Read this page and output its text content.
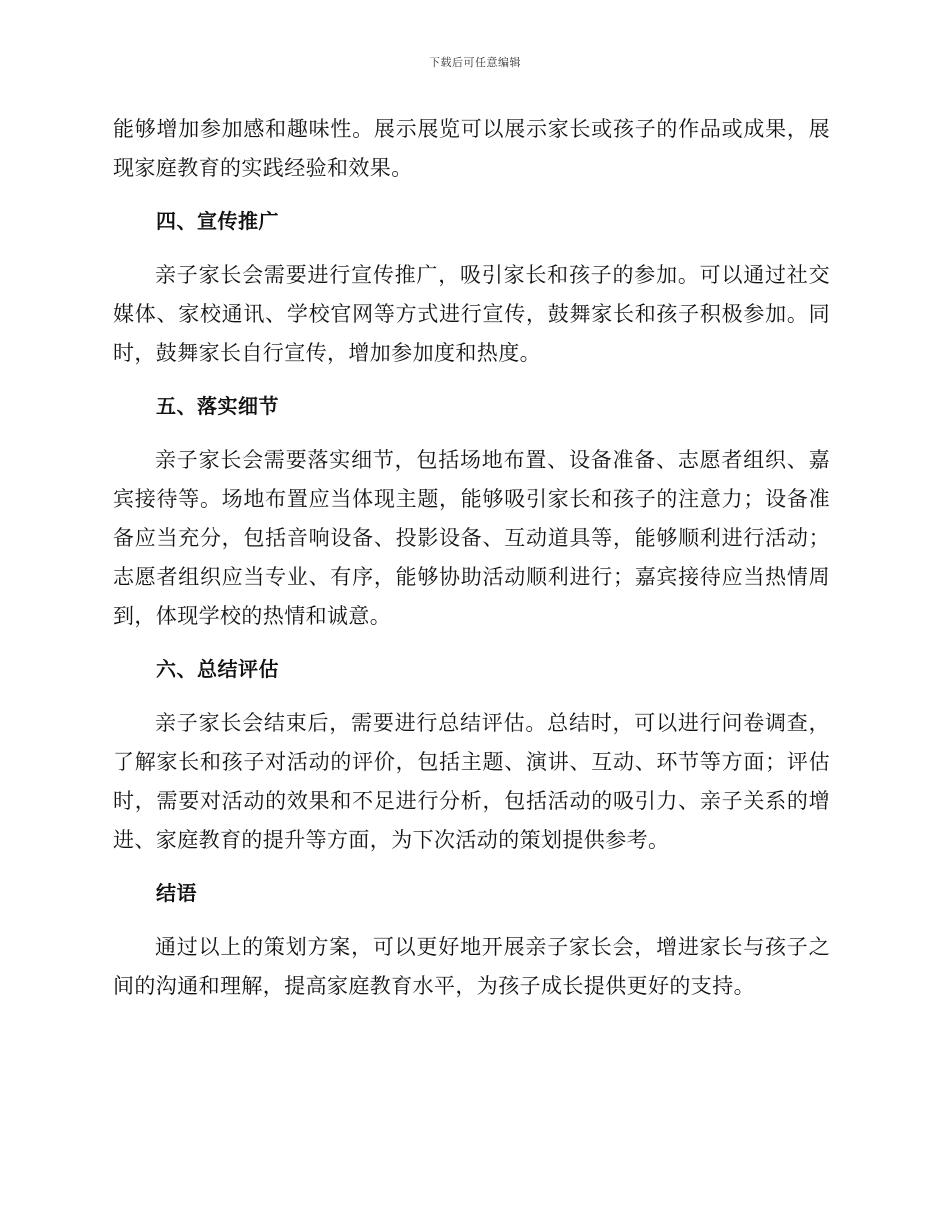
下载后可任意编辑

能够增加参加感和趣味性。展示展览可以展示家长或孩子的作品或成果，展现家庭教育的实践经验和效果。

四、宣传推广

亲子家长会需要进行宣传推广，吸引家长和孩子的参加。可以通过社交媒体、家校通讯、学校官网等方式进行宣传，鼓舞家长和孩子积极参加。同时，鼓舞家长自行宣传，增加参加度和热度。

五、落实细节

亲子家长会需要落实细节，包括场地布置、设备准备、志愿者组织、嘉宾接待等。场地布置应当体现主题，能够吸引家长和孩子的注意力；设备准备应当充分，包括音响设备、投影设备、互动道具等，能够顺利进行活动；志愿者组织应当专业、有序，能够协助活动顺利进行；嘉宾接待应当热情周到，体现学校的热情和诚意。

六、总结评估

亲子家长会结束后，需要进行总结评估。总结时，可以进行问卷调查，了解家长和孩子对活动的评价，包括主题、演讲、互动、环节等方面；评估时，需要对活动的效果和不足进行分析，包括活动的吸引力、亲子关系的增进、家庭教育的提升等方面，为下次活动的策划提供参考。

结语

通过以上的策划方案，可以更好地开展亲子家长会，增进家长与孩子之间的沟通和理解，提高家庭教育水平，为孩子成长提供更好的支持。
